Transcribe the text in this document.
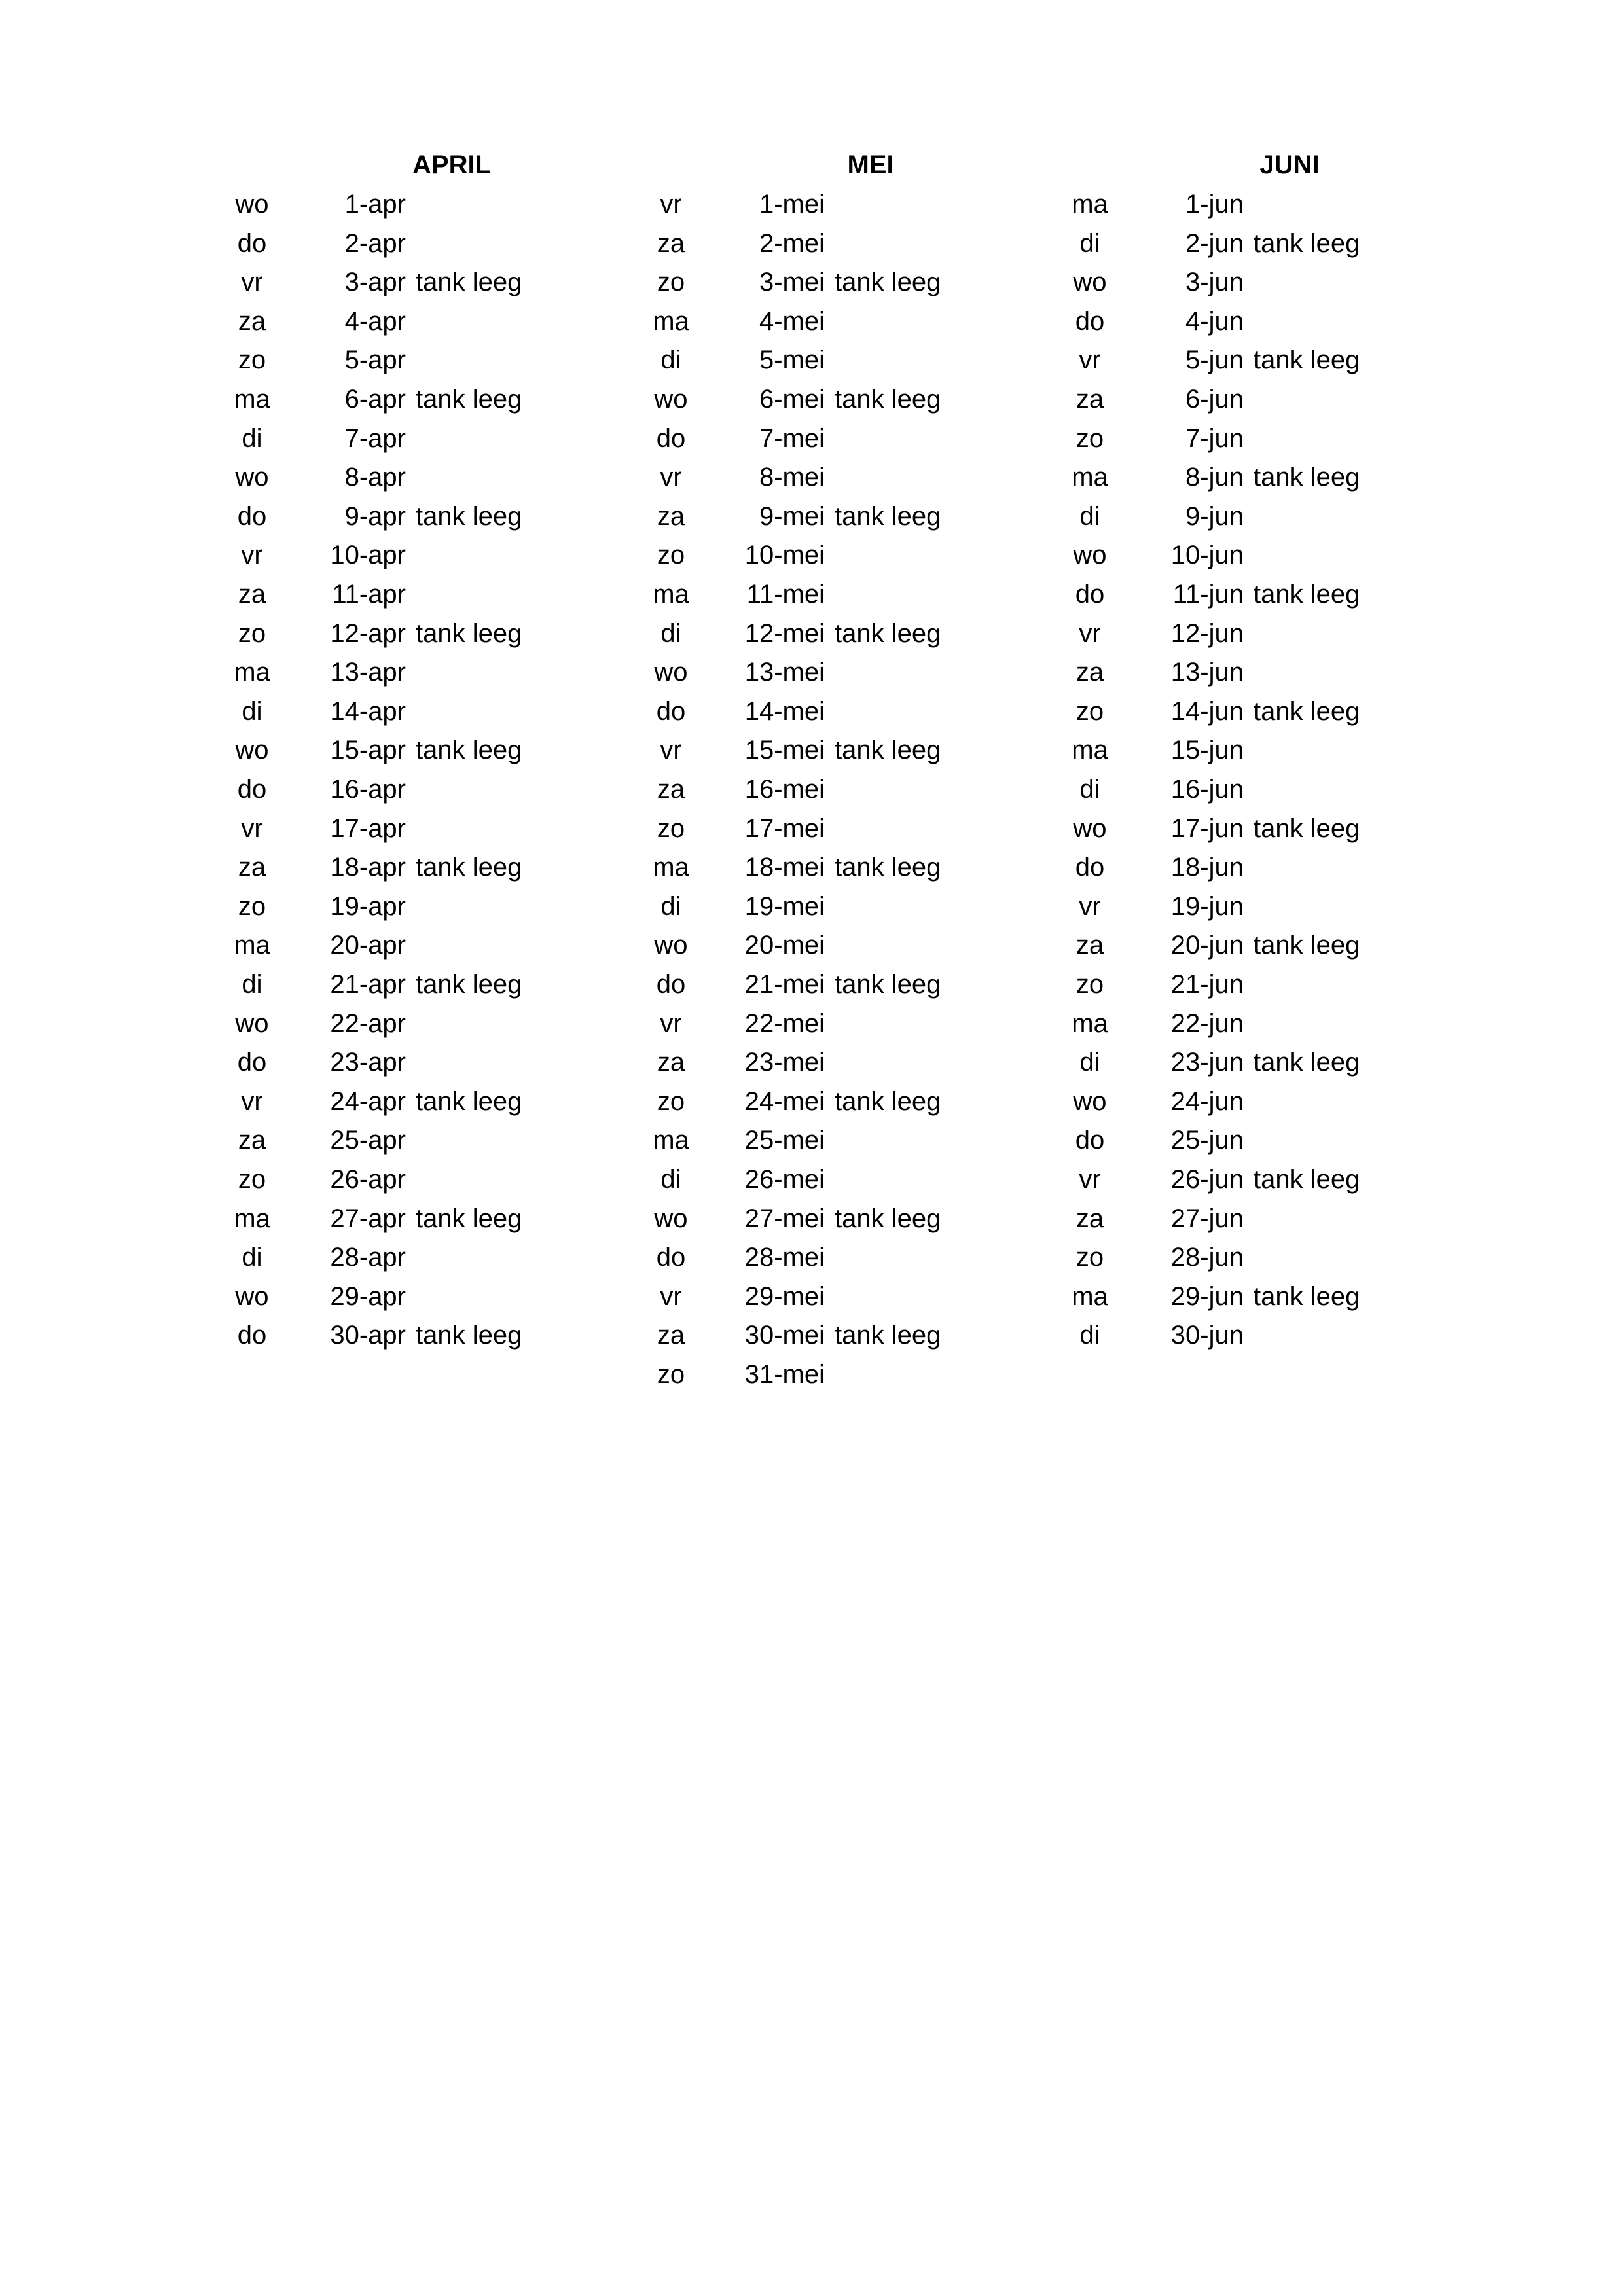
APRIL
wo	1-apr
do	2-apr
vr	3-apr tank leeg
za	4-apr
zo	5-apr
ma	6-apr tank leeg
di	7-apr
wo	8-apr
do	9-apr tank leeg
vr	10-apr
za	11-apr
zo	12-apr tank leeg
ma	13-apr
di	14-apr
wo	15-apr tank leeg
do	16-apr
vr	17-apr
za	18-apr tank leeg
zo	19-apr
ma	20-apr
di	21-apr tank leeg
wo	22-apr
do	23-apr
vr	24-apr tank leeg
za	25-apr
zo	26-apr
ma	27-apr tank leeg
di	28-apr
wo	29-apr
do	30-apr tank leeg
MEI
vr	1-mei
za	2-mei
zo	3-mei tank leeg
ma	4-mei
di	5-mei
wo	6-mei tank leeg
do	7-mei
vr	8-mei
za	9-mei tank leeg
zo	10-mei
ma	11-mei
di	12-mei tank leeg
wo	13-mei
do	14-mei
vr	15-mei tank leeg
za	16-mei
zo	17-mei
ma	18-mei tank leeg
di	19-mei
wo	20-mei
do	21-mei tank leeg
vr	22-mei
za	23-mei
zo	24-mei tank leeg
ma	25-mei
di	26-mei
wo	27-mei tank leeg
do	28-mei
vr	29-mei
za	30-mei tank leeg
zo	31-mei
JUNI
ma	1-jun
di	2-jun tank leeg
wo	3-jun
do	4-jun
vr	5-jun tank leeg
za	6-jun
zo	7-jun
ma	8-jun tank leeg
di	9-jun
wo	10-jun
do	11-jun tank leeg
vr	12-jun
za	13-jun
zo	14-jun tank leeg
ma	15-jun
di	16-jun
wo	17-jun tank leeg
do	18-jun
vr	19-jun
za	20-jun tank leeg
zo	21-jun
ma	22-jun
di	23-jun tank leeg
wo	24-jun
do	25-jun
vr	26-jun tank leeg
za	27-jun
zo	28-jun
ma	29-jun tank leeg
di	30-jun
